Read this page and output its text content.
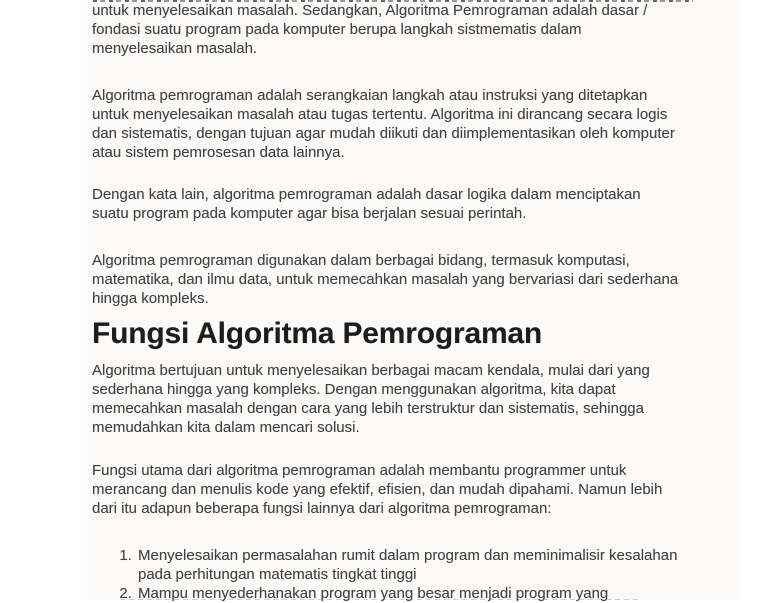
untuk menyelesaikan masalah. Sedangkan, Algoritma Pemrograman adalah dasar /
fondasi suatu program pada komputer berupa langkah sistmematis dalam
menyelesaikan masalah.

Algoritma pemrograman adalah serangkaian langkah atau instruksi yang ditetapkan
untuk menyelesaikan masalah atau tugas tertentu. Algoritma ini dirancang secara logis
dan sistematis, dengan tujuan agar mudah diikuti dan diimplementasikan oleh komputer
atau sistem pemrosesan data lainnya.

Dengan kata lain, algoritma pemrograman adalah dasar logika dalam menciptakan
suatu program pada komputer agar bisa berjalan sesuai perintah.

Algoritma pemrograman digunakan dalam berbagai bidang, termasuk komputasi,
matematika, dan ilmu data, untuk memecahkan masalah yang bervariasi dari sederhana
hingga kompleks.

Fungsi Algoritma Pemrograman

Algoritma bertujuan untuk menyelesaikan berbagai macam kendala, mulai dari yang
sederhana hingga yang kompleks. Dengan menggunakan algoritma, kita dapat
memecahkan masalah dengan cara yang lebih terstruktur dan sistematis, sehingga
memudahkan kita dalam mencari solusi.

Fungsi utama dari algoritma pemrograman adalah membantu programmer untuk
merancang dan menulis kode yang efektif, efisien, dan mudah dipahami. Namun lebih
dari itu adapun beberapa fungsi lainnya dari algoritma pemrograman:

1. Menyelesaikan permasalahan rumit dalam program dan meminimalisir kesalahan
pada perhitungan matematis tingkat tinggi
2. Mampu menyederhanakan program yang besar menjadi program yang
